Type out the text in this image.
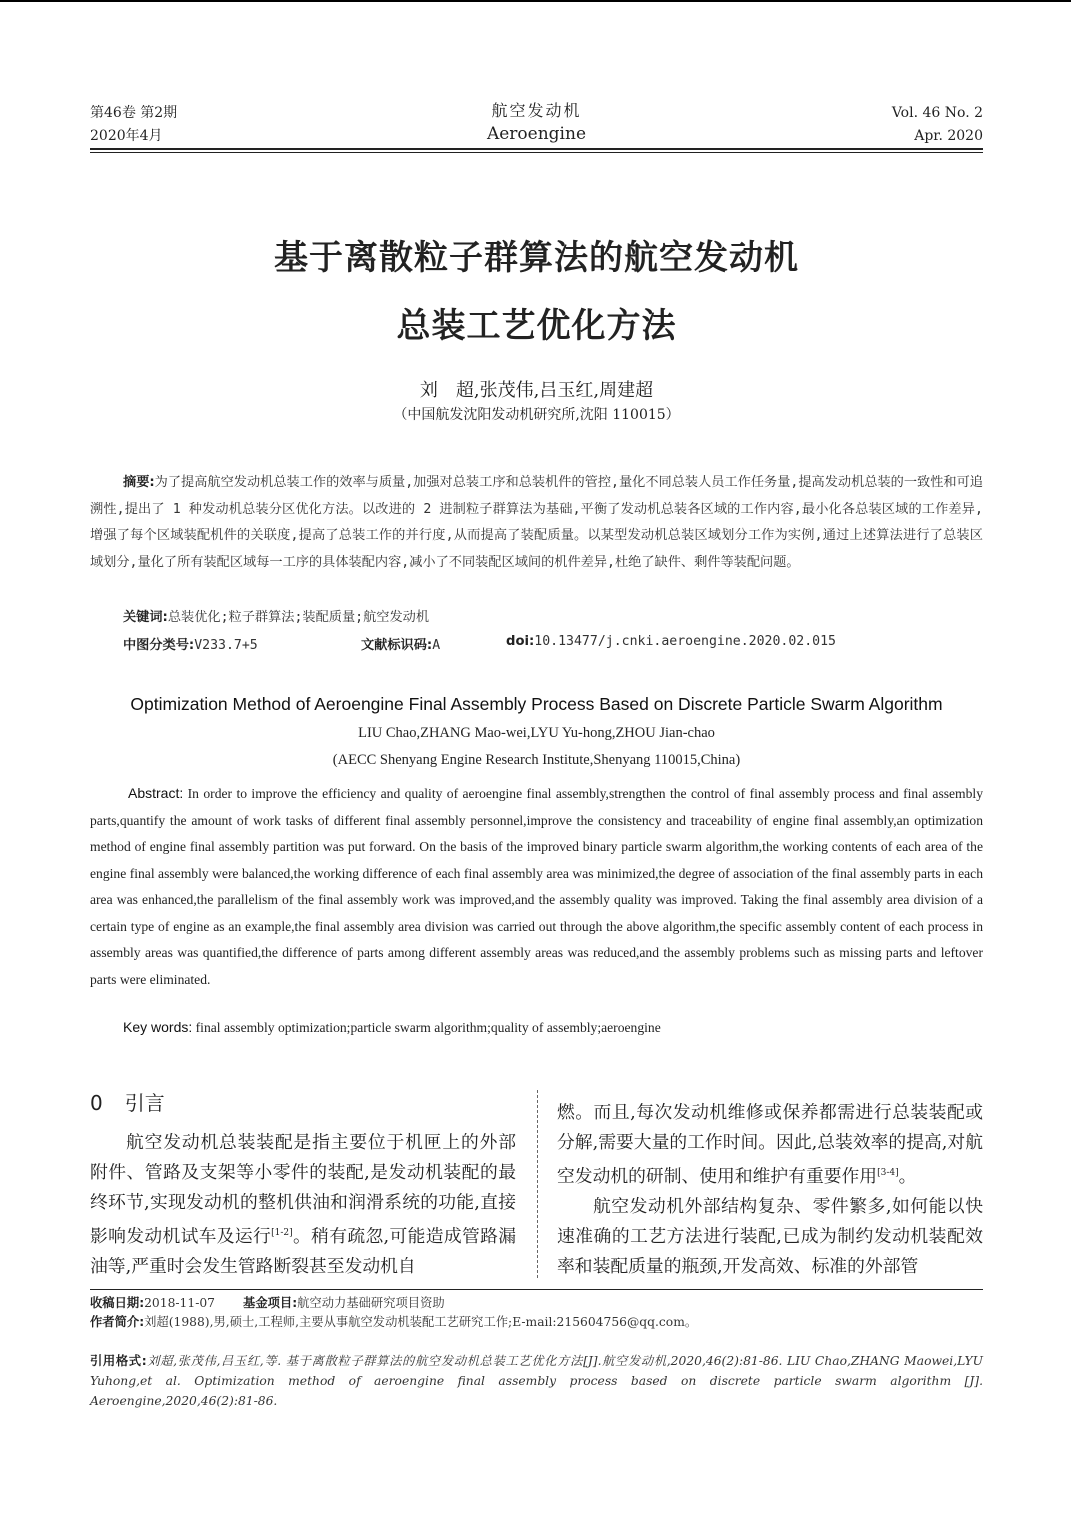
第46卷 第2期
2020年4月
航空发动机
Aeroengine
Vol. 46 No. 2
Apr. 2020
基于离散粒子群算法的航空发动机
总装工艺优化方法
刘　超,张茂伟,吕玉红,周建超
（中国航发沈阳发动机研究所,沈阳 110015）
摘要:为了提高航空发动机总装工作的效率与质量,加强对总装工序和总装机件的管控,量化不同总装人员工作任务量,提高发动机总装的一致性和可追溯性,提出了 1 种发动机总装分区优化方法。以改进的 2 进制粒子群算法为基础,平衡了发动机总装各区域的工作内容,最小化各总装区域的工作差异,增强了每个区域装配机件的关联度,提高了总装工作的并行度,从而提高了装配质量。以某型发动机总装区域划分工作为实例,通过上述算法进行了总装区域划分,量化了所有装配区域每一工序的具体装配内容,减小了不同装配区域间的机件差异,杜绝了缺件、剩件等装配问题。
关键词:总装优化;粒子群算法;装配质量;航空发动机
中图分类号:V233.7+5	文献标识码:A	doi:10.13477/j.cnki.aeroengine.2020.02.015
Optimization Method of Aeroengine Final Assembly Process Based on Discrete Particle Swarm Algorithm
LIU Chao,ZHANG Mao-wei,LYU Yu-hong,ZHOU Jian-chao
(AECC Shenyang Engine Research Institute,Shenyang 110015,China)
Abstract: In order to improve the efficiency and quality of aeroengine final assembly,strengthen the control of final assembly process and final assembly parts,quantify the amount of work tasks of different final assembly personnel,improve the consistency and traceability of engine final assembly,an optimization method of engine final assembly partition was put forward. On the basis of the improved binary particle swarm algorithm,the working contents of each area of the engine final assembly were balanced,the working difference of each final assembly area was minimized,the degree of association of the final assembly parts in each area was enhanced,the parallelism of the final assembly work was improved,and the assembly quality was improved. Taking the final assembly area division of a certain type of engine as an example,the final assembly area division was carried out through the above algorithm,the specific assembly content of each process in assembly areas was quantified,the difference of parts among different assembly areas was reduced,and the assembly problems such as missing parts and leftover parts were eliminated.
Key words: final assembly optimization;particle swarm algorithm;quality of assembly;aeroengine
0 引言

航空发动机总装装配是指主要位于机匣上的外部附件、管路及支架等小零件的装配,是发动机装配的最终环节,实现发动机的整机供油和润滑系统的功能,直接影响发动机试车及运行[1-2]。稍有疏忽,可能造成管路漏油等,严重时会发生管路断裂甚至发动机自

燃。而且,每次发动机维修或保养都需进行总装装配或分解,需要大量的工作时间。因此,总装效率的提高,对航空发动机的研制、使用和维护有重要作用[3-4]。

航空发动机外部结构复杂、零件繁多,如何能以快速准确的工艺方法进行装配,已成为制约发动机装配效率和装配质量的瓶颈,开发高效、标准的外部管

收稿日期:2018-11-07 基金项目:航空动力基础研究项目资助
作者简介:刘超(1988),男,硕士,工程师,主要从事航空发动机装配工艺研究工作;E-mail:215604756@qq.com。
引用格式:刘超,张茂伟,吕玉红,等. 基于离散粒子群算法的航空发动机总装工艺优化方法[J].航空发动机,2020,46(2):81-86. LIU Chao,ZHANG Maowei,LYU Yuhong,et al. Optimization method of aeroengine final assembly process based on discrete particle swarm algorithm [J]. Aeroengine,2020,46(2):81-86.
